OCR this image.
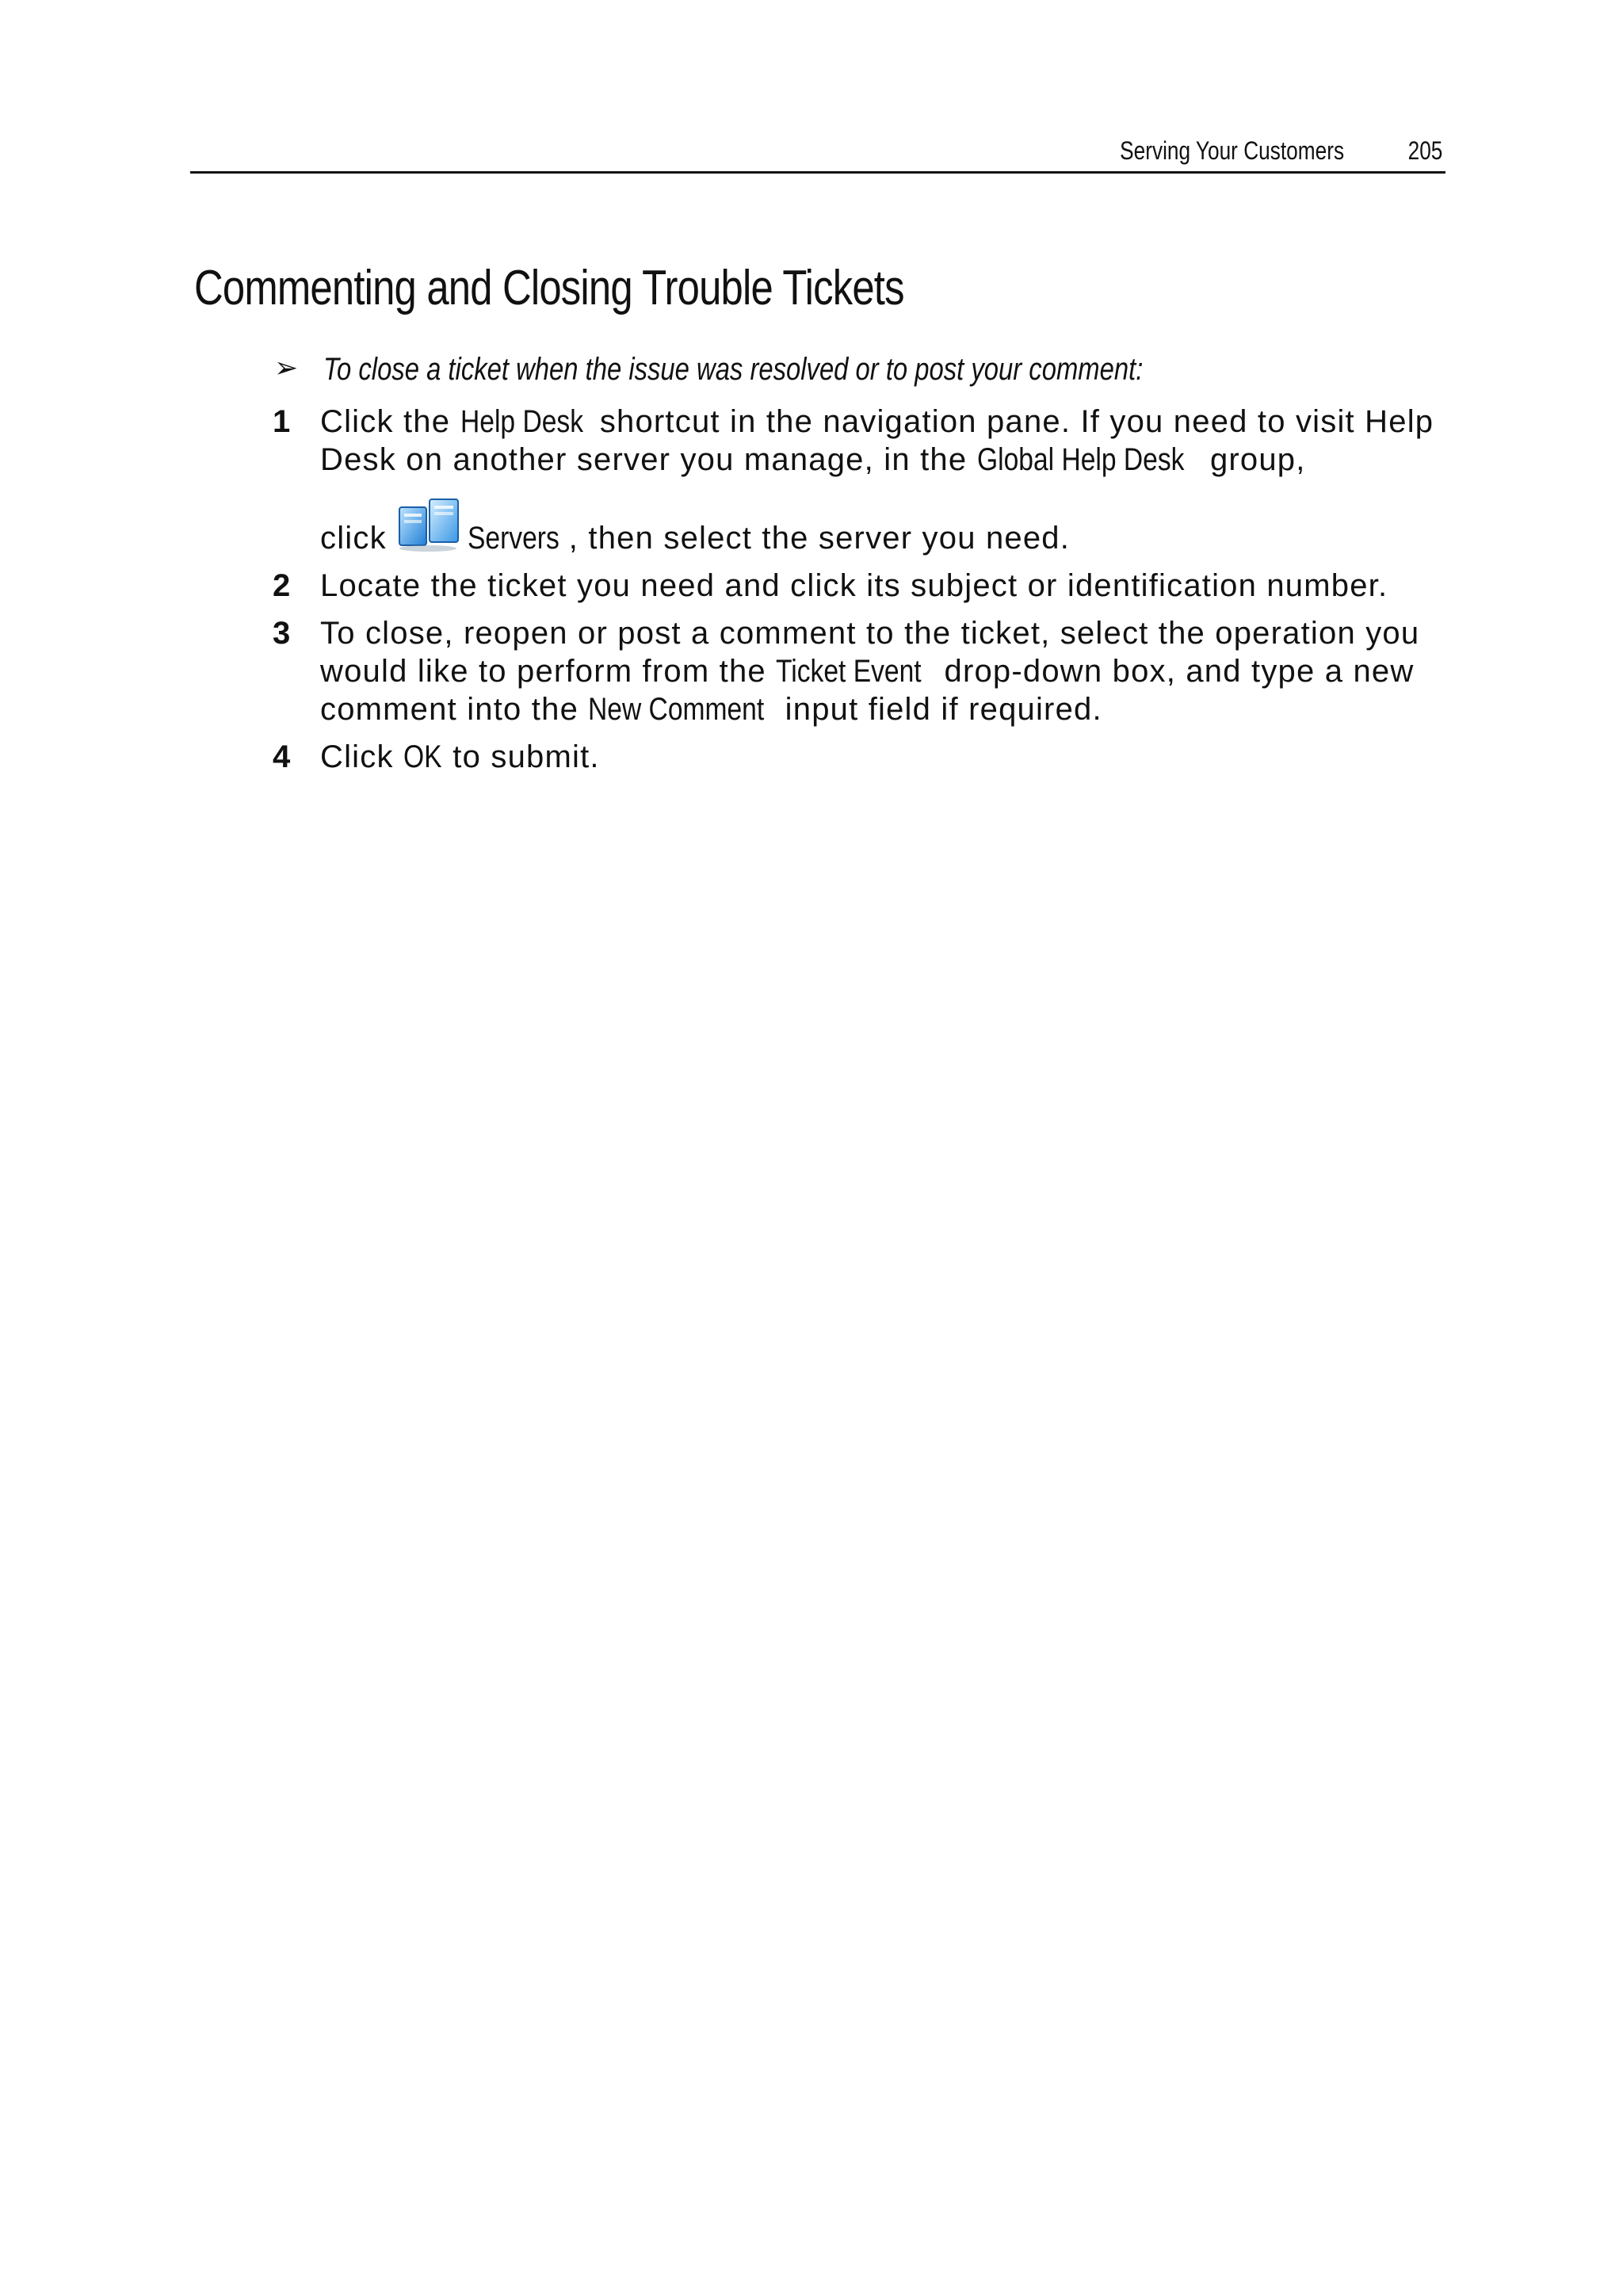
Serving Your Customers	205
Commenting and Closing Trouble Tickets
➢ To close a ticket when the issue was resolved or to post your comment:
1 Click the Help Desk shortcut in the navigation pane. If you need to visit Help Desk on another server you manage, in the Global Help Desk group,
click	Servers , then select the server you need.
2 Locate the ticket you need and click its subject or identification number.
3 To close, reopen or post a comment to the ticket, select the operation you would like to perform from the Ticket Event drop-down box, and type a new comment into the New Comment input field if required.
4 Click OK to submit.
